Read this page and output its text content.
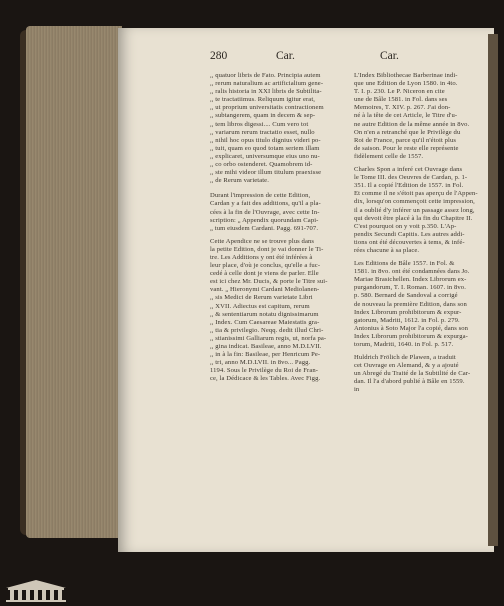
280	Car.	Car.

,, quatuor libris de Fato. Principia autem
,, rerum naturalium ac artificialium gene-
,, ralis historia in XXI libris de Subtilita-
,, te tractatiimus. Reliquum igitur erat,
,, ut proprium universitatis contractionem
,, subtangerem, quam in decem & sep-
,, tem libros digessi.... Cum vero tot
,, variarum rerum tractatio esset, nullo
,, nihil hoc opus titulo dignius videri po-
,, tuit, quam eo quod totam seriem illam
,, explicaret, universumque eius uno nu-
,, co orbo ostenderet. Quamobrem id-
,, ste mihi videor illum titulum praexisse
,, de Rerum varietate.

Durant l'impression de cette Edition,
Cardan y a fait des additions, qu'il a pla-
cées à la fin de l'Ouvrage, avec cette In-
scription: „ Appendix quorundam Capi-
„ tum eiusdem Cardani. Pagg. 691-707.

Cette Apendice ne se trouve plus dans
la petite Edition, dont je vai donner le Ti-
tre. Les Additions y ont été inférées à
leur place, d'où je conclus, qu'elle a fuc-
cedé à celle dont je viens de parler. Elle
est ici chez Mr. Ducis, & porte le Titre sui-
vant. „ Hieronymi Cardani Mediolanen-
,, sis Medici de Rerum varietate Libri
,, XVII. Adiectus est capitum, rerum
,, & sententiarum notatu dignissimarum
,, Index. Cum Caesareae Maiestatis gra-
,, tia & privilegio. Neqq. dedit illud Chri-
,, stianissimi Galliarum regis, ut, norfa pa-
,, gina indicat. Basileae, anno M.D.LVII.
,, in à la fin: Basileae, per Henricum Pe-
,, tri, anno M.D.LVII. in 8vo... Pagg.
1194. Sous le Privilège du Roi de Fran-
ce, la Dédicace & les Tables. Avec Figg.

L'Index Bibliothecae Barberinae indi-
que une Edition de Lyon 1580. in 4to.
T. I. p. 230. Le P. Niceron en cite
une de Bâle 1581. in Fol. dans ses
Memoires, T. XIV. p. 267. J'ai don-
né à la tête de cet Article, le Titre d'u-
ne autre Edition de la même année in 8vo.
On n'en a retranché que le Privilège du
Roi de France, parce qu'il n'étoit plus
de saison. Pour le reste elle représente
fidèlement celle de 1557.

Charles Spon a inferé cet Ouvrage dans
le Tome III. des Oeuvres de Cardan, p. 1-
351. Il a copié l'Edition de 1557. in Fol.
Et comme il ne s'étoit pas aperçu de l'Appen-
dix, lorsqu'on commençoit cette impression,
il a oublié d'y inférer un passage assez long,
qui devoit être placé à la fin du Chapitre II.
C'est pourquoi on y voit p.350. L'Ap-
pendix Secundi Capitis. Les autres addi-
tions ont été découvertes à tems, & infé-
rées chacune à sa place.

Les Editions de Bâle 1557. in Fol. &
1581. in 8vo. ont été condamnées dans Jo.
Mariae Brasichellen. Index Librorum ex-
purgandorum, T. I. Roman. 1607. in 8vo.
p. 580. Bernard de Sandoval a corrigé
de nouveau la première Edition, dans son
Index Librorum prohibitorum & expur-
gatorum, Madriti, 1612. in Fol. p. 279.
Antonius à Soto Major l'a copié, dans son
Index Librorum prohibitorum & expurga-
torum, Madriti, 1640. in Fol. p. 517.

Huldrich Frölich de Plawen, a traduit
cet Ouvrage en Alemand, & y a ajouté
un Abregé du Traité de la Subtilité de Car-
dan. Il l'a d'abord publié à Bâle en 1559.
in
